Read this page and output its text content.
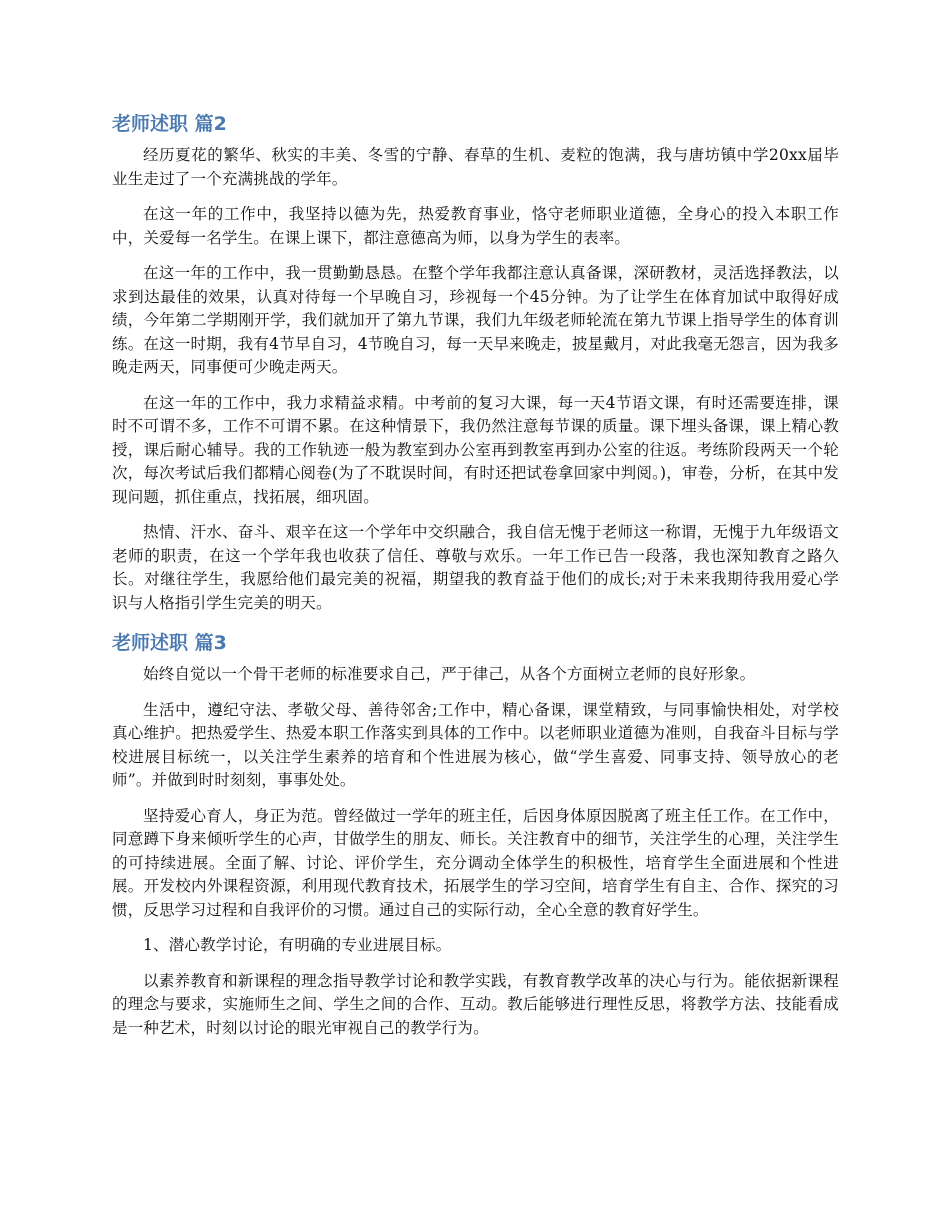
老师述职 篇2

经历夏花的繁华、秋实的丰美、冬雪的宁静、春草的生机、麦粒的饱满，我与唐坊镇中学20xx届毕业生走过了一个充满挑战的学年。

在这一年的工作中，我坚持以德为先，热爱教育事业，恪守老师职业道德，全身心的投入本职工作中，关爱每一名学生。在课上课下，都注意德高为师，以身为学生的表率。

在这一年的工作中，我一贯勤勤恳恳。在整个学年我都注意认真备课，深研教材，灵活选择教法，以求到达最佳的效果，认真对待每一个早晚自习，珍视每一个45分钟。为了让学生在体育加试中取得好成绩，今年第二学期刚开学，我们就加开了第九节课，我们九年级老师轮流在第九节课上指导学生的体育训练。在这一时期，我有4节早自习，4节晚自习，每一天早来晚走，披星戴月，对此我毫无怨言，因为我多晚走两天，同事便可少晚走两天。

在这一年的工作中，我力求精益求精。中考前的复习大课，每一天4节语文课，有时还需要连排，课时不可谓不多，工作不可谓不累。在这种情景下，我仍然注意每节课的质量。课下埋头备课，课上精心教授，课后耐心辅导。我的工作轨迹一般为教室到办公室再到教室再到办公室的往返。考练阶段两天一个轮次，每次考试后我们都精心阅卷(为了不耽误时间，有时还把试卷拿回家中判阅。)，审卷，分析，在其中发现问题，抓住重点，找拓展，细巩固。

热情、汗水、奋斗、艰辛在这一个学年中交织融合，我自信无愧于老师这一称谓，无愧于九年级语文老师的职责，在这一个学年我也收获了信任、尊敬与欢乐。一年工作已告一段落，我也深知教育之路久长。对继往学生，我愿给他们最完美的祝福，期望我的教育益于他们的成长;对于未来我期待我用爱心学识与人格指引学生完美的明天。

老师述职 篇3

始终自觉以一个骨干老师的标准要求自己，严于律己，从各个方面树立老师的良好形象。

生活中，遵纪守法、孝敬父母、善待邻舍;工作中，精心备课，课堂精致，与同事愉快相处，对学校真心维护。把热爱学生、热爱本职工作落实到具体的工作中。以老师职业道德为准则，自我奋斗目标与学校进展目标统一，以关注学生素养的培育和个性进展为核心，做“学生喜爱、同事支持、领导放心的老师”。并做到时时刻刻，事事处处。

坚持爱心育人，身正为范。曾经做过一学年的班主任，后因身体原因脱离了班主任工作。在工作中，同意蹲下身来倾听学生的心声，甘做学生的朋友、师长。关注教育中的细节，关注学生的心理，关注学生的可持续进展。全面了解、讨论、评价学生，充分调动全体学生的积极性，培育学生全面进展和个性进展。开发校内外课程资源，利用现代教育技术，拓展学生的学习空间，培育学生有自主、合作、探究的习惯，反思学习过程和自我评价的习惯。通过自己的实际行动，全心全意的教育好学生。

1、潜心教学讨论，有明确的专业进展目标。

以素养教育和新课程的理念指导教学讨论和教学实践，有教育教学改革的决心与行为。能依据新课程的理念与要求，实施师生之间、学生之间的合作、互动。教后能够进行理性反思，将教学方法、技能看成是一种艺术，时刻以讨论的眼光审视自己的教学行为。
